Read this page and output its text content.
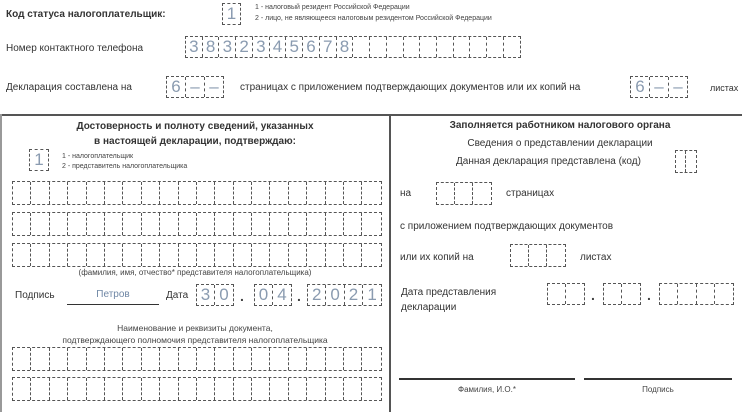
Код статуса налогоплательщик:	1	1 - налоговый резидент Российской Федерации
2 - лицо, не являющееся налоговым резидентом Российской Федерации
Номер контактного телефона	3 8 3 2 3 4 5 6 7 8
Декларация составлена на 6 – –	страницах с приложением подтверждающих документов или их копий на	6 – –	листах
Достоверность и полноту сведений, указанных
в настоящей декларации, подтверждаю:
1	1 - налогоплательщик
2 - представитель налогоплательщика
(фамилия, имя, отчество* представителя налогоплательщика)
Подпись	Петров	Дата 3 0 . 0 4 . 2 0 2 1
Наименование и реквизиты документа,
подтверждающего полномочия представителя налогоплательщика
Заполняется работником налогового органа
Сведения о представлении декларации
Данная декларация представлена (код)
на	страницах
с приложением подтверждающих документов
или их копий на	листах
Дата представления
декларации
.	.
Фамилия, И.О.*	Подпись
